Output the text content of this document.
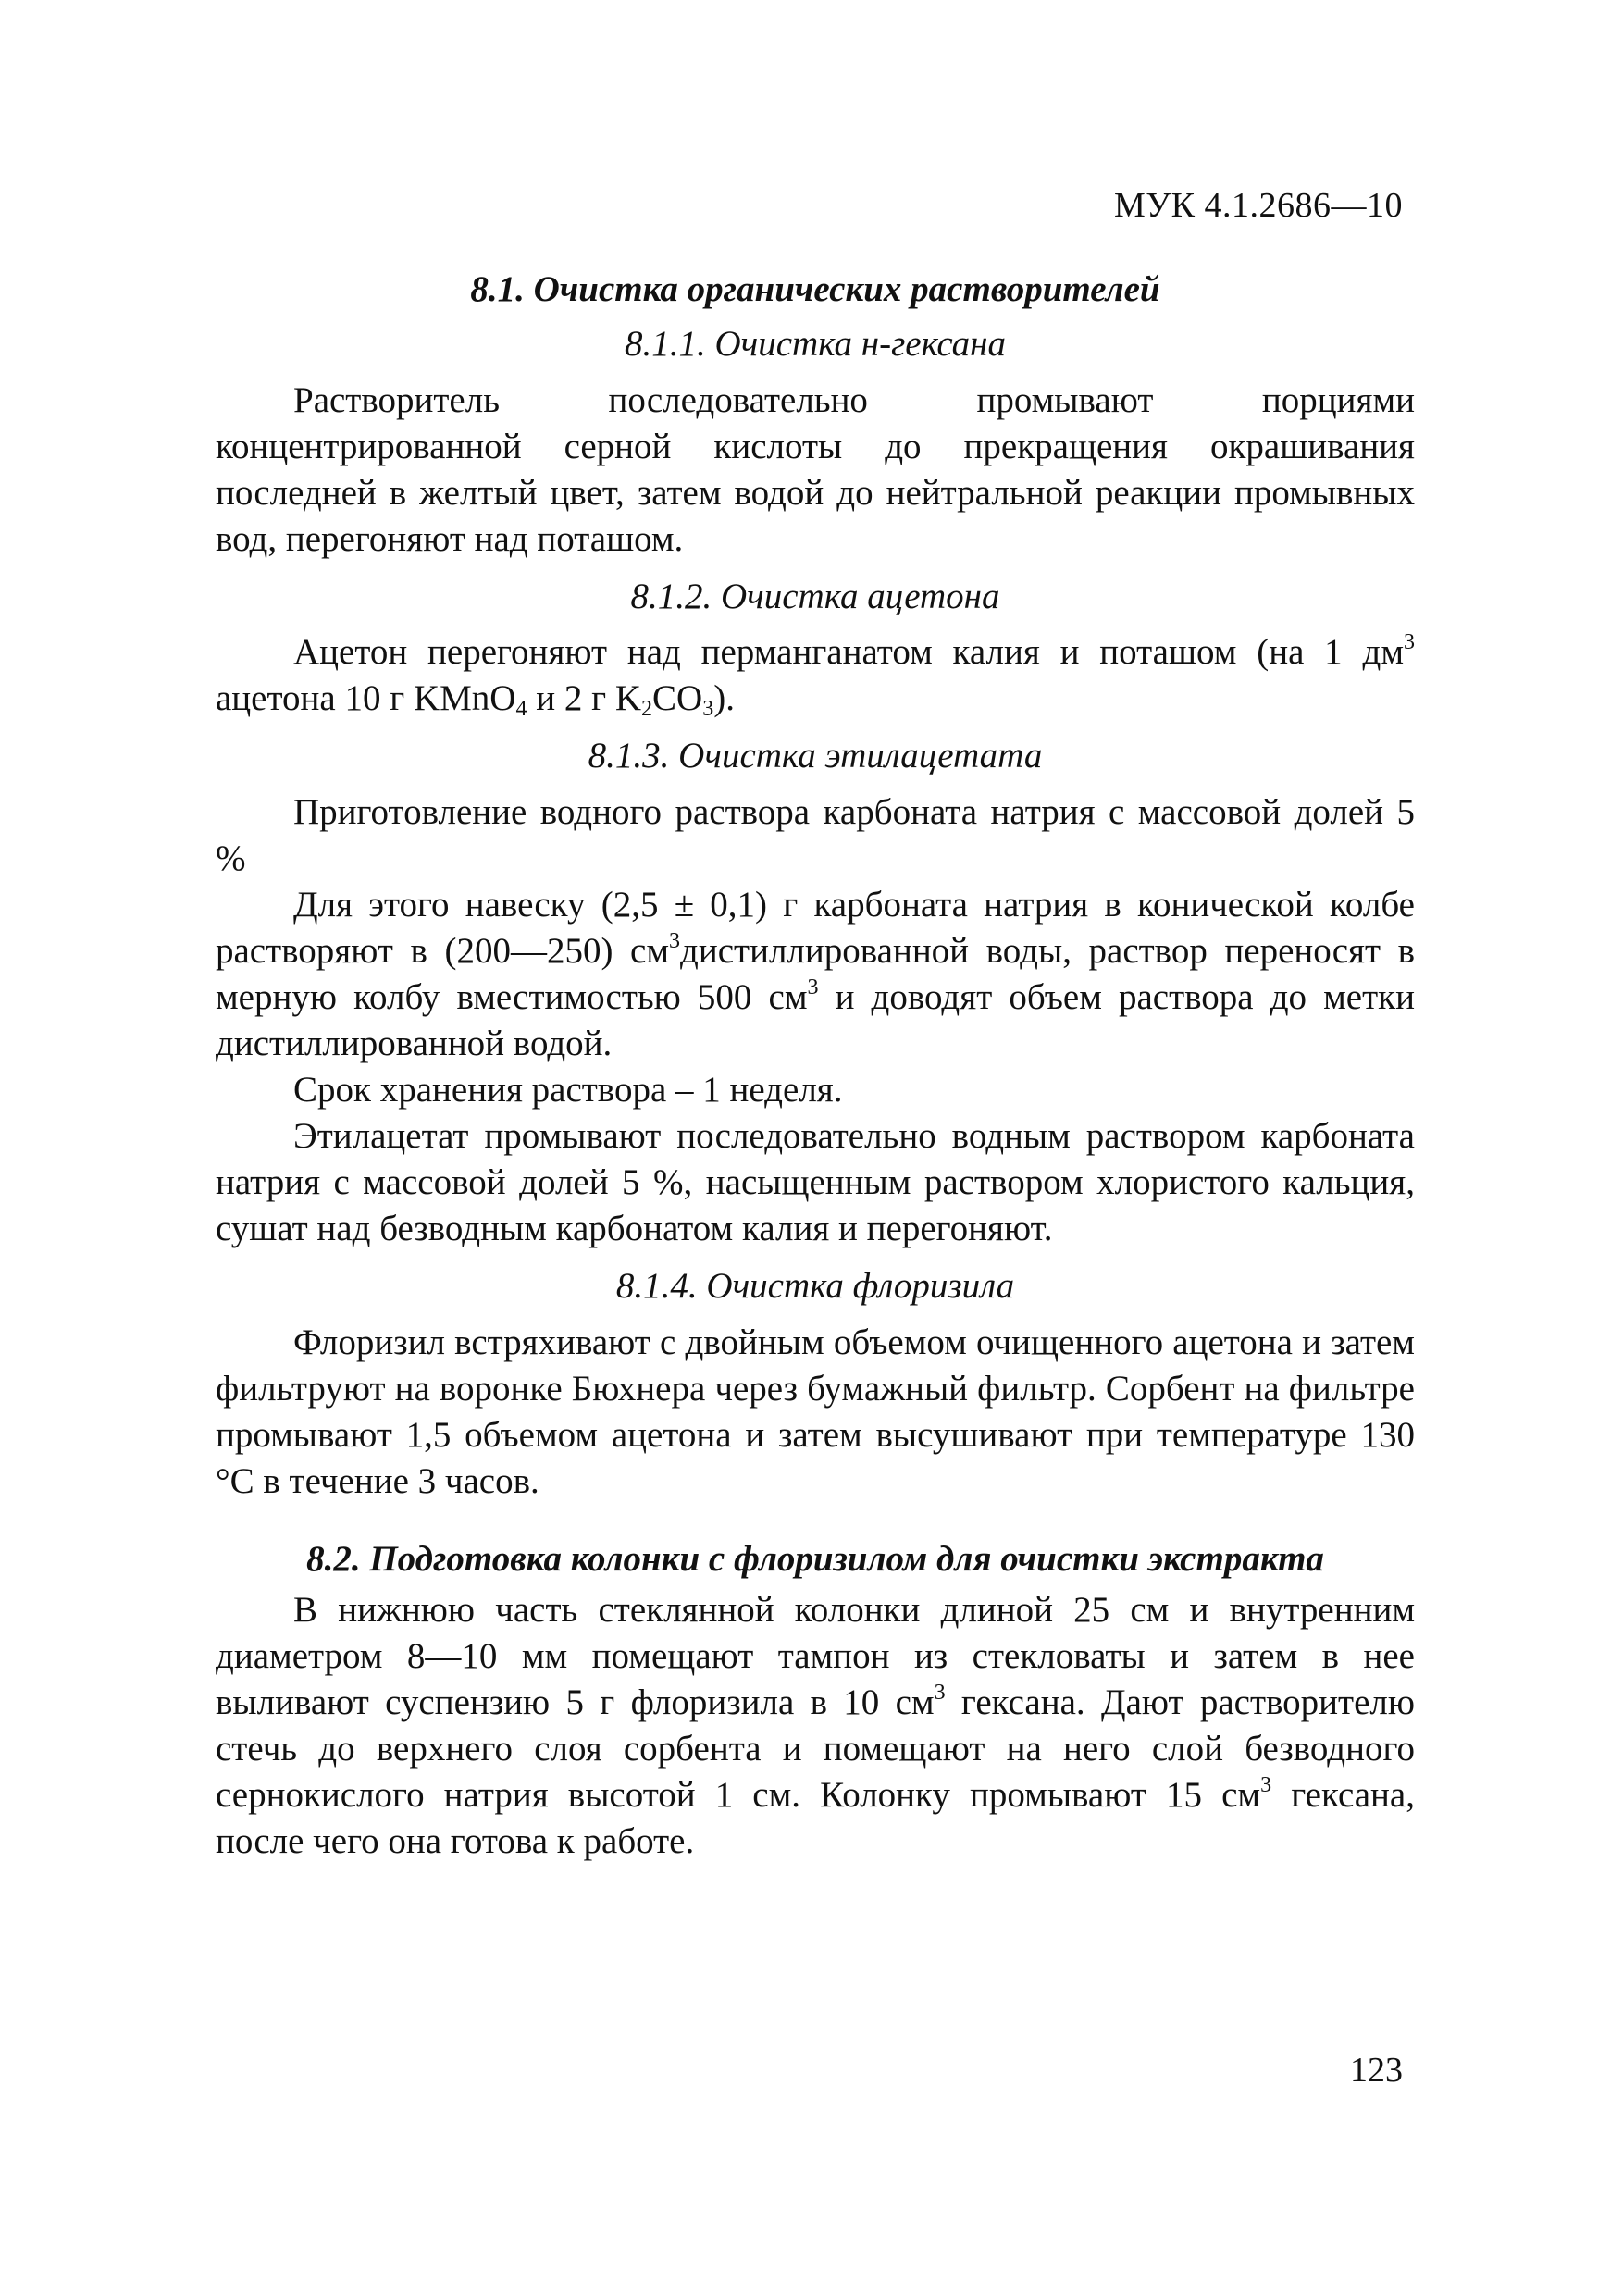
МУК 4.1.2686—10
8.1. Очистка органических растворителей
8.1.1. Очистка н-гексана

Растворитель последовательно промывают порциями концентрированной серной кислоты до прекращения окрашивания последней в желтый цвет, затем водой до нейтральной реакции промывных вод, перегоняют над поташом.

8.1.2. Очистка ацетона

Ацетон перегоняют над перманганатом калия и поташом (на 1 $дм^3$ ацетона 10 г KMnO$_4$ и 2 г $K_2CO_3$).

8.1.3. Очистка этилацетата

Приготовление водного раствора карбоната натрия с массовой долей 5 %

Для этого навеску (2,5 ± 0,1) г карбоната натрия в конической колбе растворяют в (200—250) $см^3дистиллированной$ воды, раствор переносят в мерную колбу вместимостью 500 $см^3$ и доводят объем раствора до метки дистиллированной водой.

Срок хранения раствора – 1 неделя.

Этилацетат промывают последовательно водным раствором карбоната натрия с массовой долей 5 %, насыщенным раствором хлористого кальция, сушат над безводным карбонатом калия и перегоняют.

8.1.4. Очистка флоризила

Флоризил встряхивают с двойным объемом очищенного ацетона и затем фильтруют на воронке Бюхнера через бумажный фильтр. Сорбент на фильтре промывают 1,5 объемом ацетона и затем высушивают при температуре 130 °С в течение 3 часов.

8.2. Подготовка колонки с флоризилом для очистки экстракта

В нижнюю часть стеклянной колонки длиной 25 см и внутренним диаметром 8—10 мм помещают тампон из стекловаты и затем в нее выливают суспензию 5 г флоризила в 10 $см^3$ гексана. Дают растворителю стечь до верхнего слоя сорбента и помещают на него слой безводного сернокислого натрия высотой 1 см. Колонку промывают 15 $см^3$ гексана, после чего она готова к работе.

123
